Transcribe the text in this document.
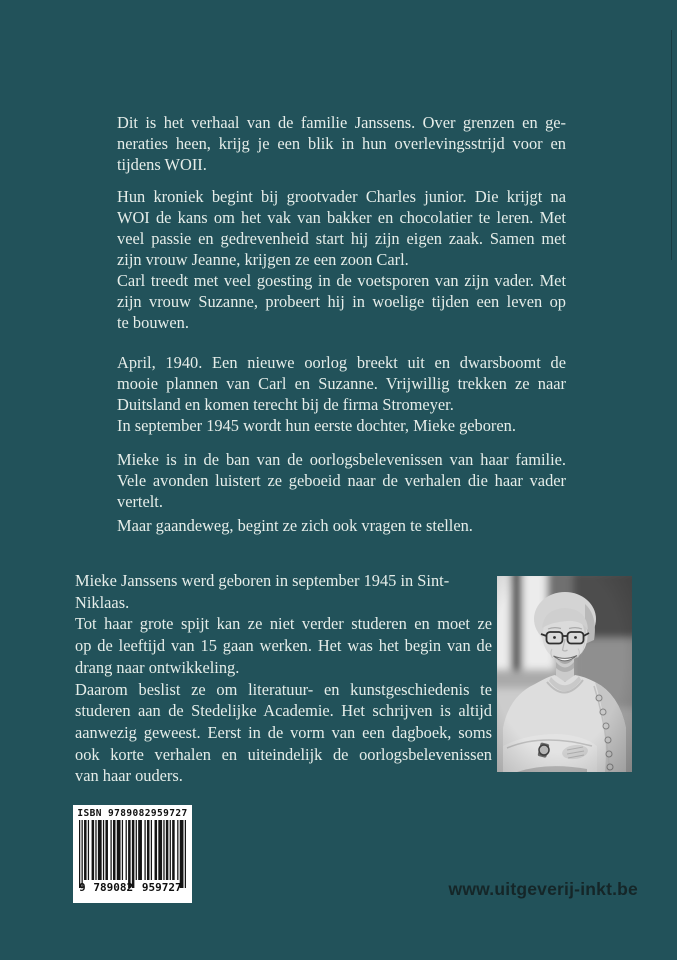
Dit is het verhaal van de familie Janssens. Over grenzen en ge-
neraties heen, krijg je een blik in hun overlevingsstrijd voor en
tijdens WOII.
Hun kroniek begint bij grootvader Charles junior. Die krijgt na
WOI de kans om het vak van bakker en chocolatier te leren. Met
veel passie en gedrevenheid start hij zijn eigen zaak. Samen met
zijn vrouw Jeanne, krijgen ze een zoon Carl.
Carl treedt met veel goesting in de voetsporen van zijn vader. Met
zijn vrouw Suzanne, probeert hij in woelige tijden een leven op
te bouwen.
April, 1940. Een nieuwe oorlog breekt uit en dwarsboomt de
mooie plannen van Carl en Suzanne. Vrijwillig trekken ze naar
Duitsland en komen terecht bij de firma Stromeyer.
In september 1945 wordt hun eerste dochter, Mieke geboren.
Mieke is in de ban van de oorlogsbelevenissen van haar familie.
Vele avonden luistert ze geboeid naar de verhalen die haar vader
vertelt.
Maar gaandeweg, begint ze zich ook vragen te stellen.
Mieke Janssens werd geboren in september 1945 in Sint-
Niklaas.
Tot haar grote spijt kan ze niet verder studeren en moet ze
op de leeftijd van 15 gaan werken. Het was het begin van de
drang naar ontwikkeling.
Daarom beslist ze om literatuur- en kunstgeschiedenis te
studeren aan de Stedelijke Academie. Het schrijven is altijd
aanwezig geweest. Eerst in de vorm van een dagboek, soms
ook korte verhalen en uiteindelijk de oorlogsbelevenissen
van haar ouders.
ISBN 9789082959727
9 789082 959727	www.uitgeverij-inkt.be
